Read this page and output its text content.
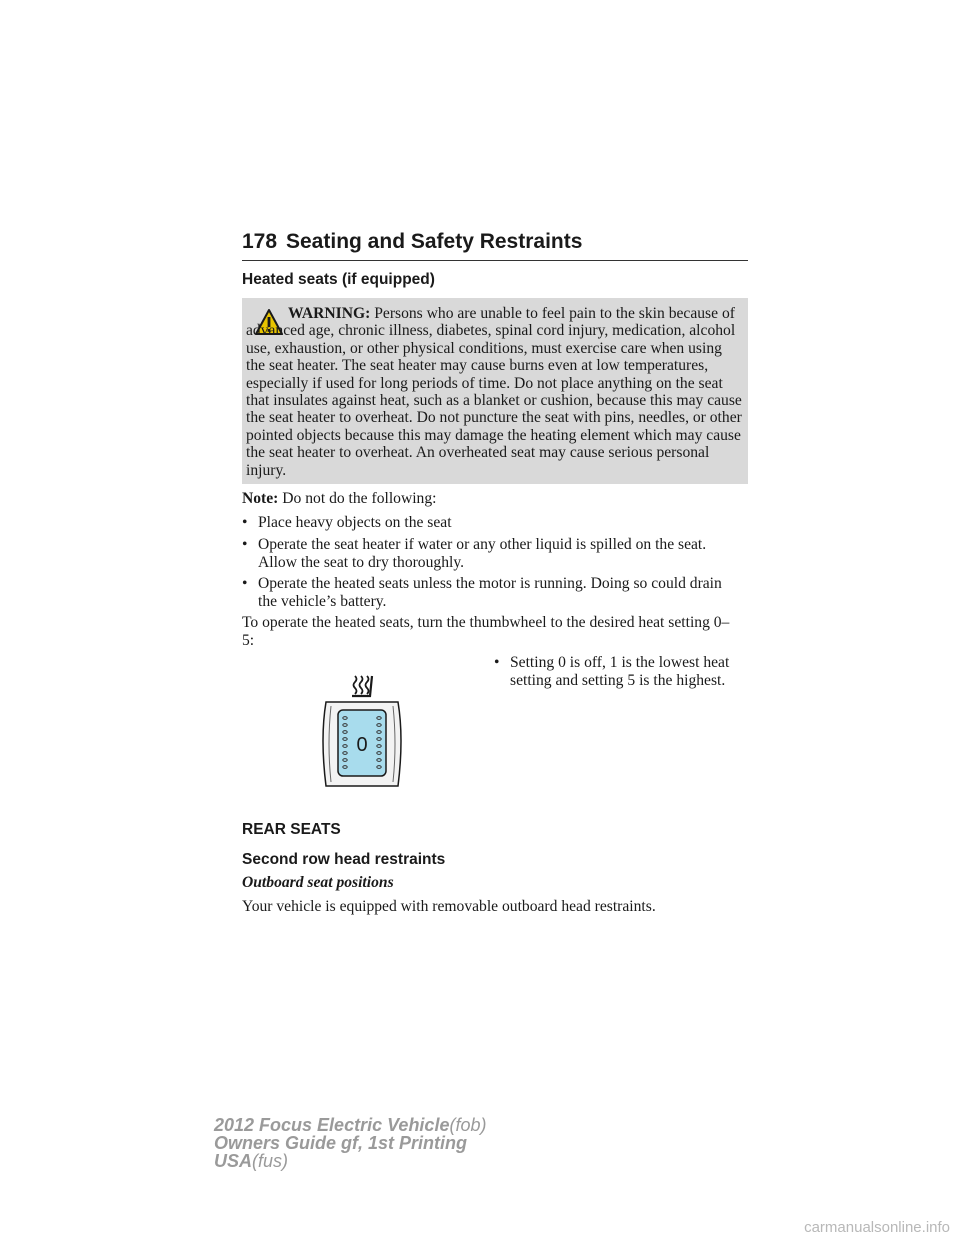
178 Seating and Safety Restraints
Heated seats (if equipped)
WARNING: Persons who are unable to feel pain to the skin because of advanced age, chronic illness, diabetes, spinal cord injury, medication, alcohol use, exhaustion, or other physical conditions, must exercise care when using the seat heater. The seat heater may cause burns even at low temperatures, especially if used for long periods of time. Do not place anything on the seat that insulates against heat, such as a blanket or cushion, because this may cause the seat heater to overheat. Do not puncture the seat with pins, needles, or other pointed objects because this may damage the heating element which may cause the seat heater to overheat. An overheated seat may cause serious personal injury.
Note: Do not do the following:
• Place heavy objects on the seat
• Operate the seat heater if water or any other liquid is spilled on the seat. Allow the seat to dry thoroughly.
• Operate the heated seats unless the motor is running. Doing so could drain the vehicle’s battery.
To operate the heated seats, turn the thumbwheel to the desired heat setting 0–5:
• Setting 0 is off, 1 is the lowest heat setting and setting 5 is the highest.
0
REAR SEATS
Second row head restraints
Outboard seat positions
Your vehicle is equipped with removable outboard head restraints.
2012 Focus Electric Vehicle(fob)
Owners Guide gf, 1st Printing
USA(fus)
carmanualsonline.info
